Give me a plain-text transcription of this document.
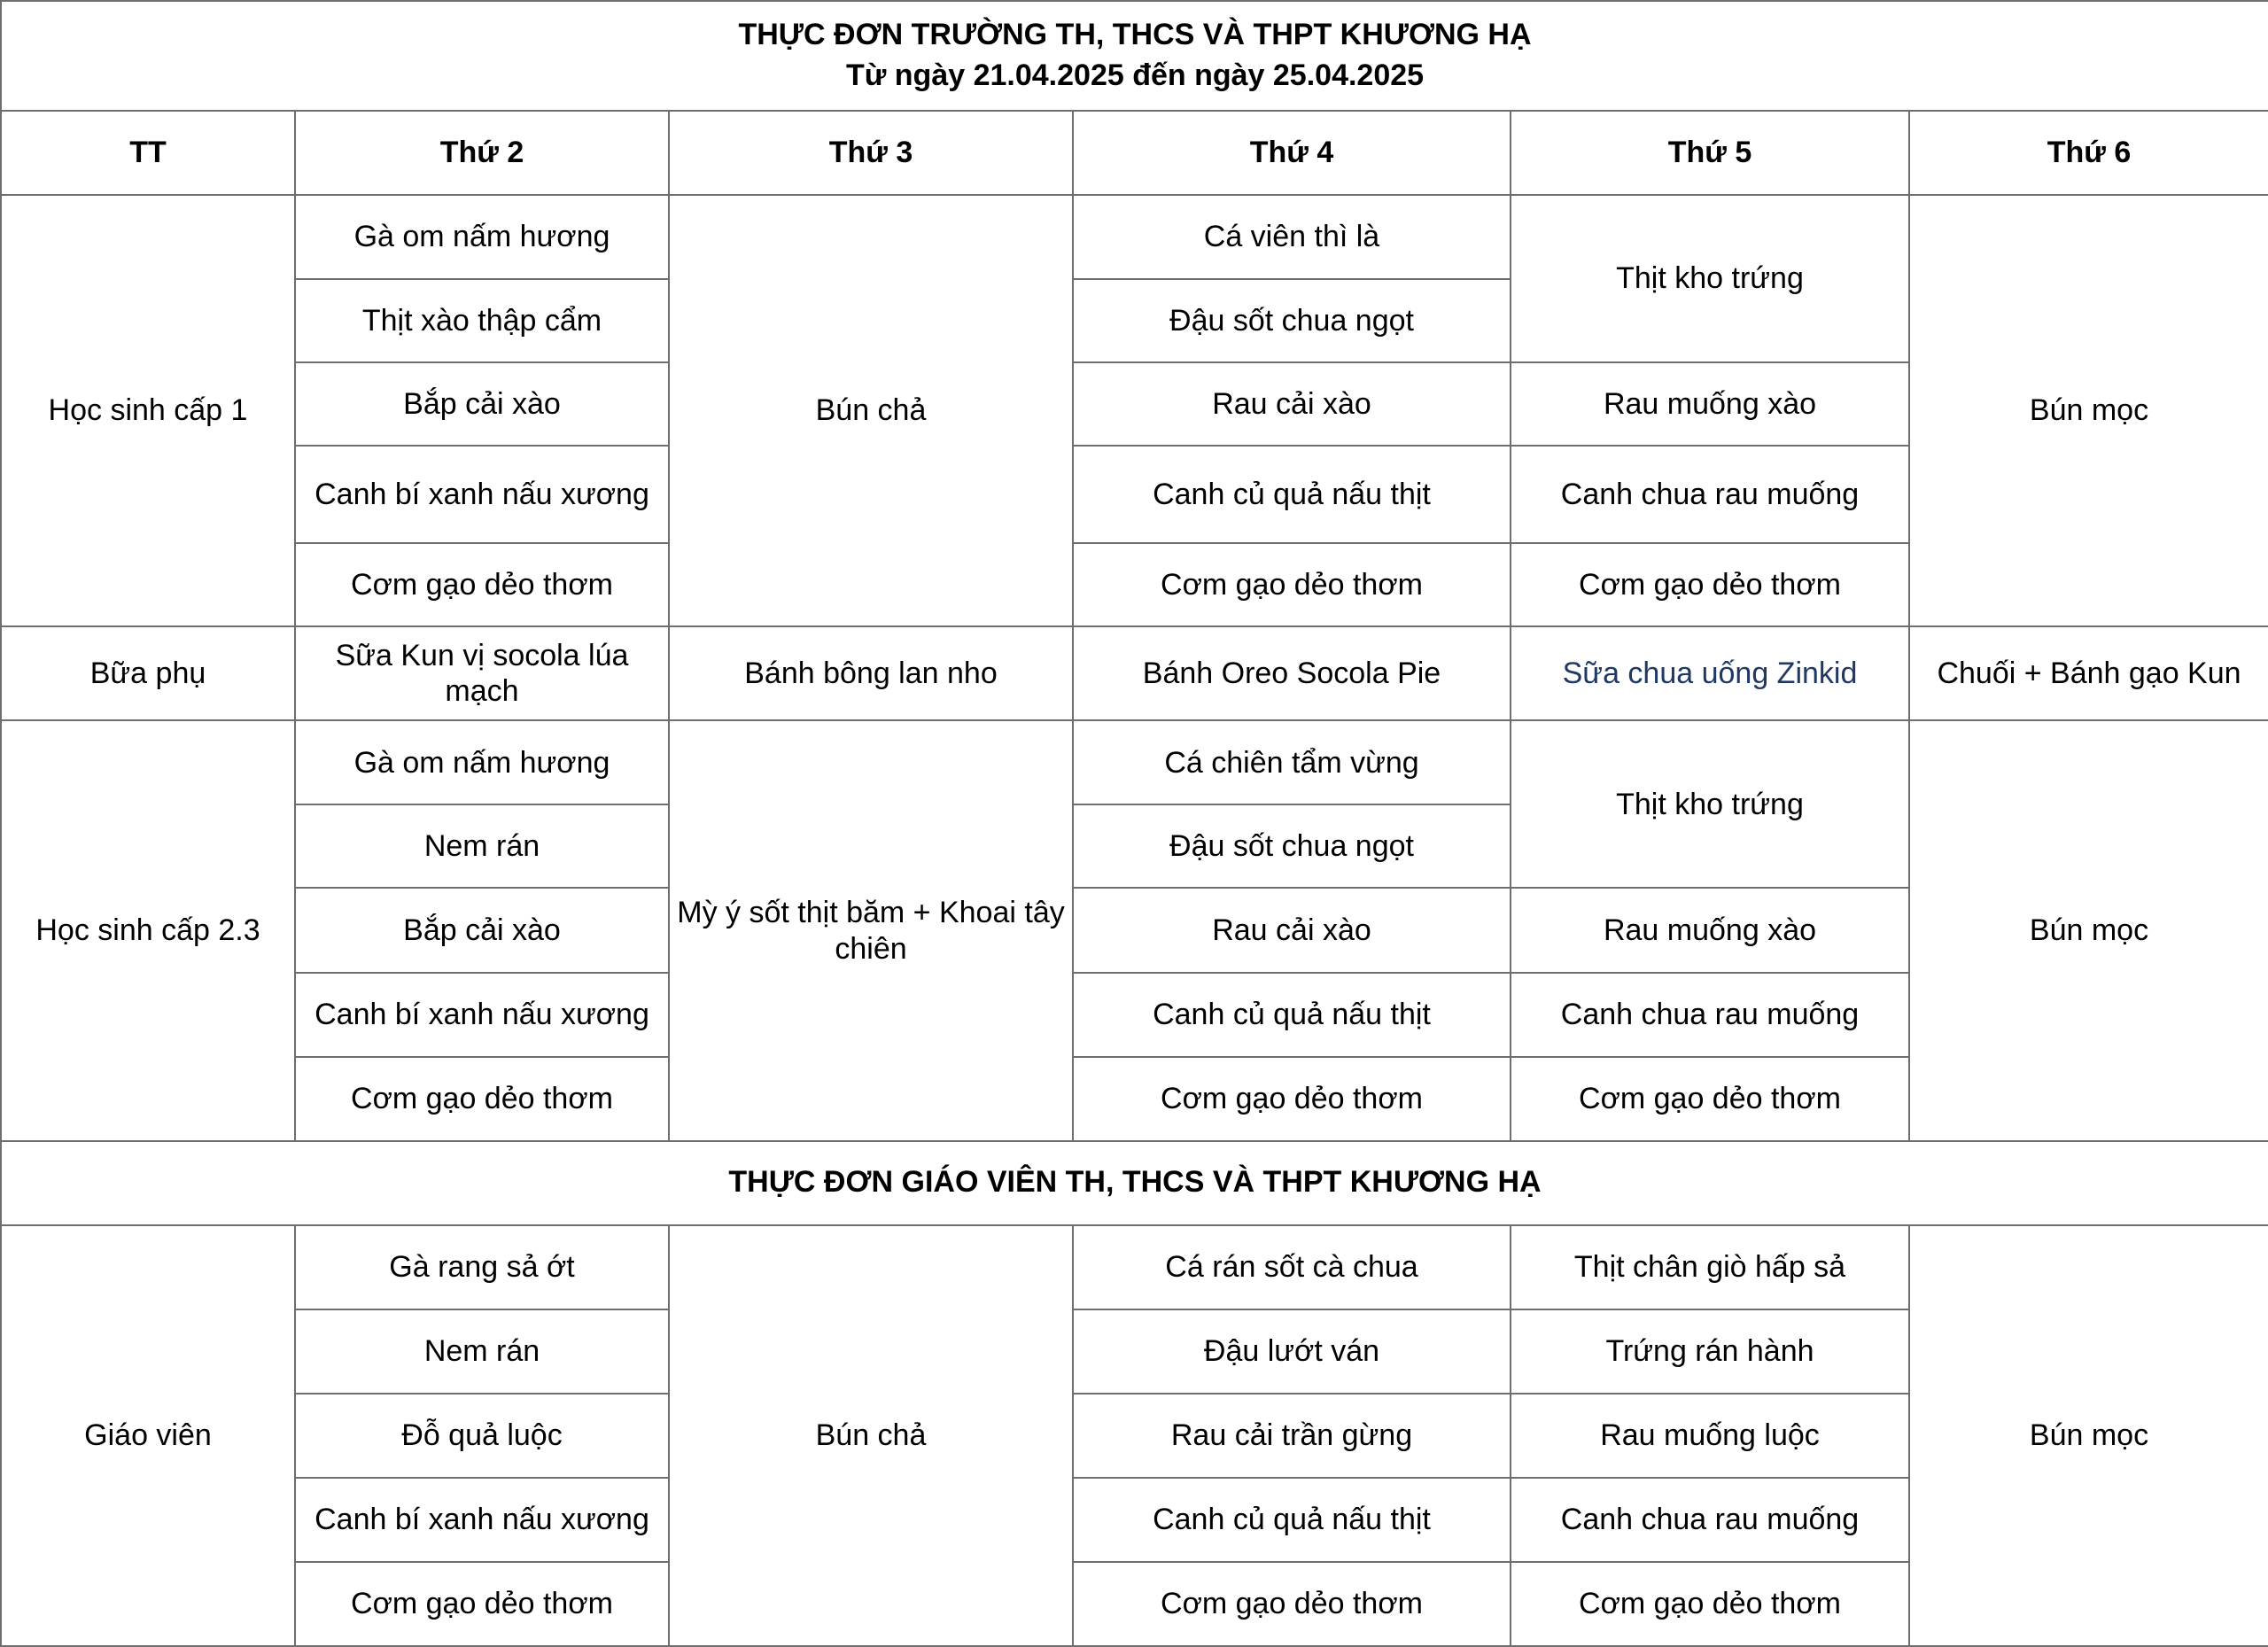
THỰC ĐƠN TRƯỜNG TH, THCS VÀ THPT KHƯƠNG HẠ
Từ ngày 21.04.2025 đến ngày 25.04.2025					

TT	Thứ 2	Thứ 3	Thứ 4	Thứ 5	Thứ 6
Học sinh cấp 1	Gà om nấm hương	Bún chả	Cá viên thì là	Thịt kho trứng	Bún mọc
	Thịt xào thập cẩm		Đậu sốt chua ngọt		
	Bắp cải xào		Rau cải xào	Rau muống xào	
	Canh bí xanh nấu xương		Canh củ quả nấu thịt	Canh chua rau muống	
	Cơm gạo dẻo thơm		Cơm gạo dẻo thơm	Cơm gạo dẻo thơm	
Bữa phụ	Sữa Kun vị socola lúa mạch	Bánh bông lan nho	Bánh Oreo Socola Pie	Sữa chua uống Zinkid	Chuối + Bánh gạo Kun
Học sinh cấp 2.3	Gà om nấm hương	Mỳ ý sốt thịt băm + Khoai tây chiên	Cá chiên tẩm vừng	Thịt kho trứng	Bún mọc
	Nem rán		Đậu sốt chua ngọt		
	Bắp cải xào		Rau cải xào	Rau muống xào	
	Canh bí xanh nấu xương		Canh củ quả nấu thịt	Canh chua rau muống	
	Cơm gạo dẻo thơm		Cơm gạo dẻo thơm	Cơm gạo dẻo thơm	
THỰC ĐƠN GIÁO VIÊN TH, THCS VÀ THPT KHƯƠNG HẠ					
Giáo viên	Gà rang sả ớt	Bún chả	Cá rán sốt cà chua	Thịt chân giò hấp sả	Bún mọc
	Nem rán		Đậu lướt ván	Trứng rán hành	
	Đỗ quả luộc		Rau cải trần gừng	Rau muống luộc	
	Canh bí xanh nấu xương		Canh củ quả nấu thịt	Canh chua rau muống	
	Cơm gạo dẻo thơm		Cơm gạo dẻo thơm	Cơm gạo dẻo thơm	
